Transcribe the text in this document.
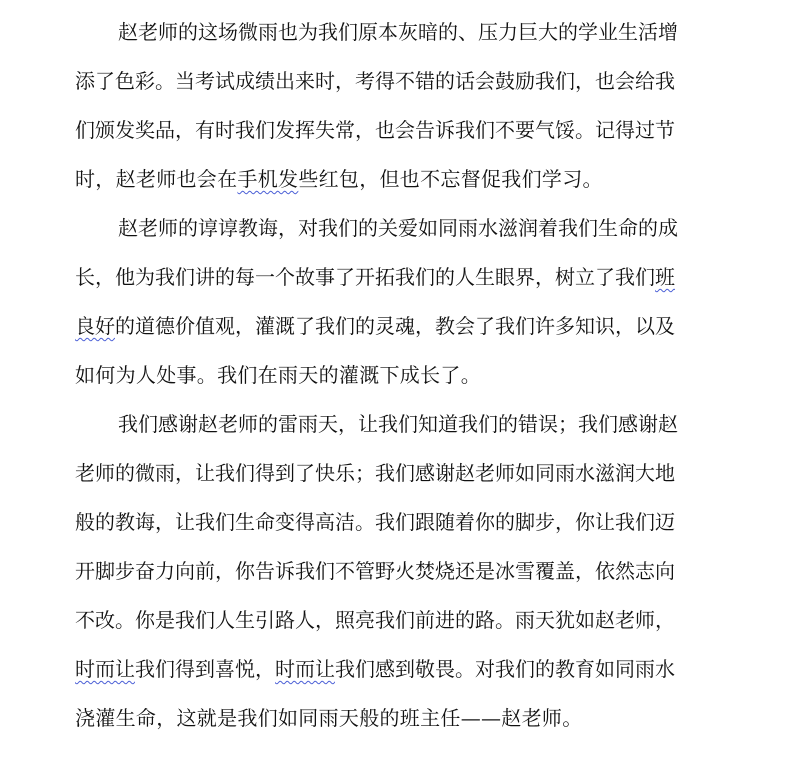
赵老师的这场微雨也为我们原本灰暗的、压力巨大的学业生活增
添了色彩。当考试成绩出来时，考得不错的话会鼓励我们，也会给我
们颁发奖品，有时我们发挥失常，也会告诉我们不要气馁。记得过节
时，赵老师也会在手机发些红包，但也不忘督促我们学习。
赵老师的谆谆教诲，对我们的关爱如同雨水滋润着我们生命的成
长，他为我们讲的每一个故事了开拓我们的人生眼界，树立了我们班
良好的道德价值观，灌溉了我们的灵魂，教会了我们许多知识，以及
如何为人处事。我们在雨天的灌溉下成长了。
我们感谢赵老师的雷雨天，让我们知道我们的错误；我们感谢赵
老师的微雨，让我们得到了快乐；我们感谢赵老师如同雨水滋润大地
般的教诲，让我们生命变得高洁。我们跟随着你的脚步，你让我们迈
开脚步奋力向前，你告诉我们不管野火焚烧还是冰雪覆盖，依然志向
不改。你是我们人生引路人，照亮我们前进的路。雨天犹如赵老师，
时而让我们得到喜悦，时而让我们感到敬畏。对我们的教育如同雨水
浇灌生命，这就是我们如同雨天般的班主任——赵老师。
